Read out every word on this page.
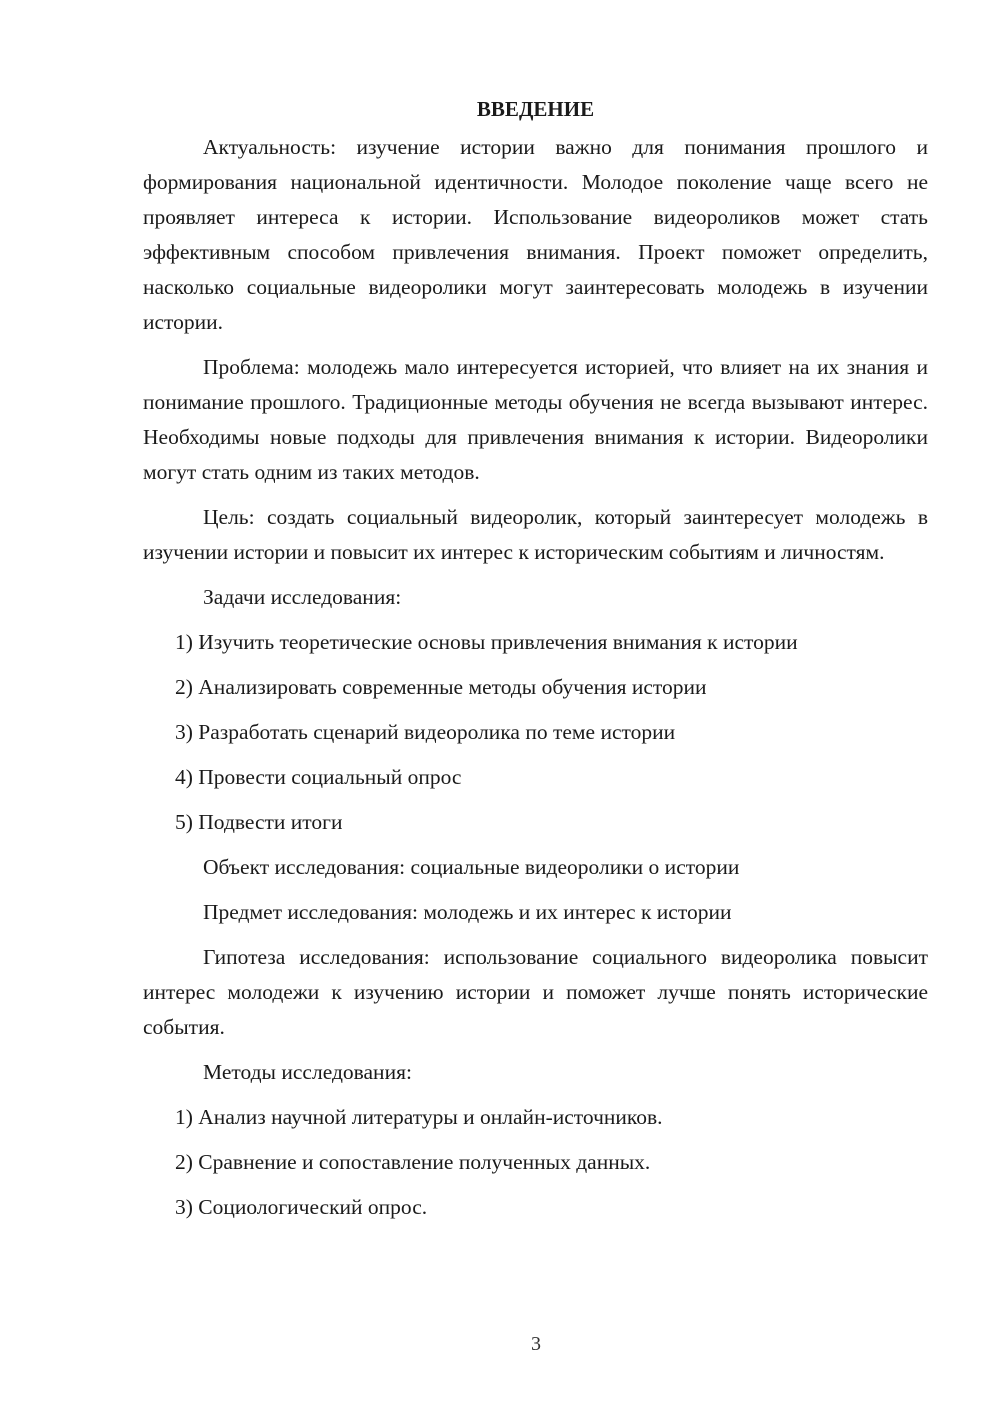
ВВЕДЕНИЕ

Актуальность: изучение истории важно для понимания прошлого и формирования национальной идентичности. Молодое поколение чаще всего не проявляет интереса к истории. Использование видеороликов может стать эффективным способом привлечения внимания. Проект поможет определить, насколько социальные видеоролики могут заинтересовать молодежь в изучении истории.

Проблема: молодежь мало интересуется историей, что влияет на их знания и понимание прошлого. Традиционные методы обучения не всегда вызывают интерес. Необходимы новые подходы для привлечения внимания к истории. Видеоролики могут стать одним из таких методов.

Цель: создать социальный видеоролик, который заинтересует молодежь в изучении истории и повысит их интерес к историческим событиям и личностям.

Задачи исследования:

1) Изучить теоретические основы привлечения внимания к истории

2) Анализировать современные методы обучения истории

3) Разработать сценарий видеоролика по теме истории

4) Провести социальный опрос

5) Подвести итоги

Объект исследования: социальные видеоролики о истории

Предмет исследования: молодежь и их интерес к истории

Гипотеза исследования: использование социального видеоролика повысит интерес молодежи к изучению истории и поможет лучше понять исторические события.

Методы исследования:

1) Анализ научной литературы и онлайн-источников.

2) Сравнение и сопоставление полученных данных.

3) Социологический опрос.

3
